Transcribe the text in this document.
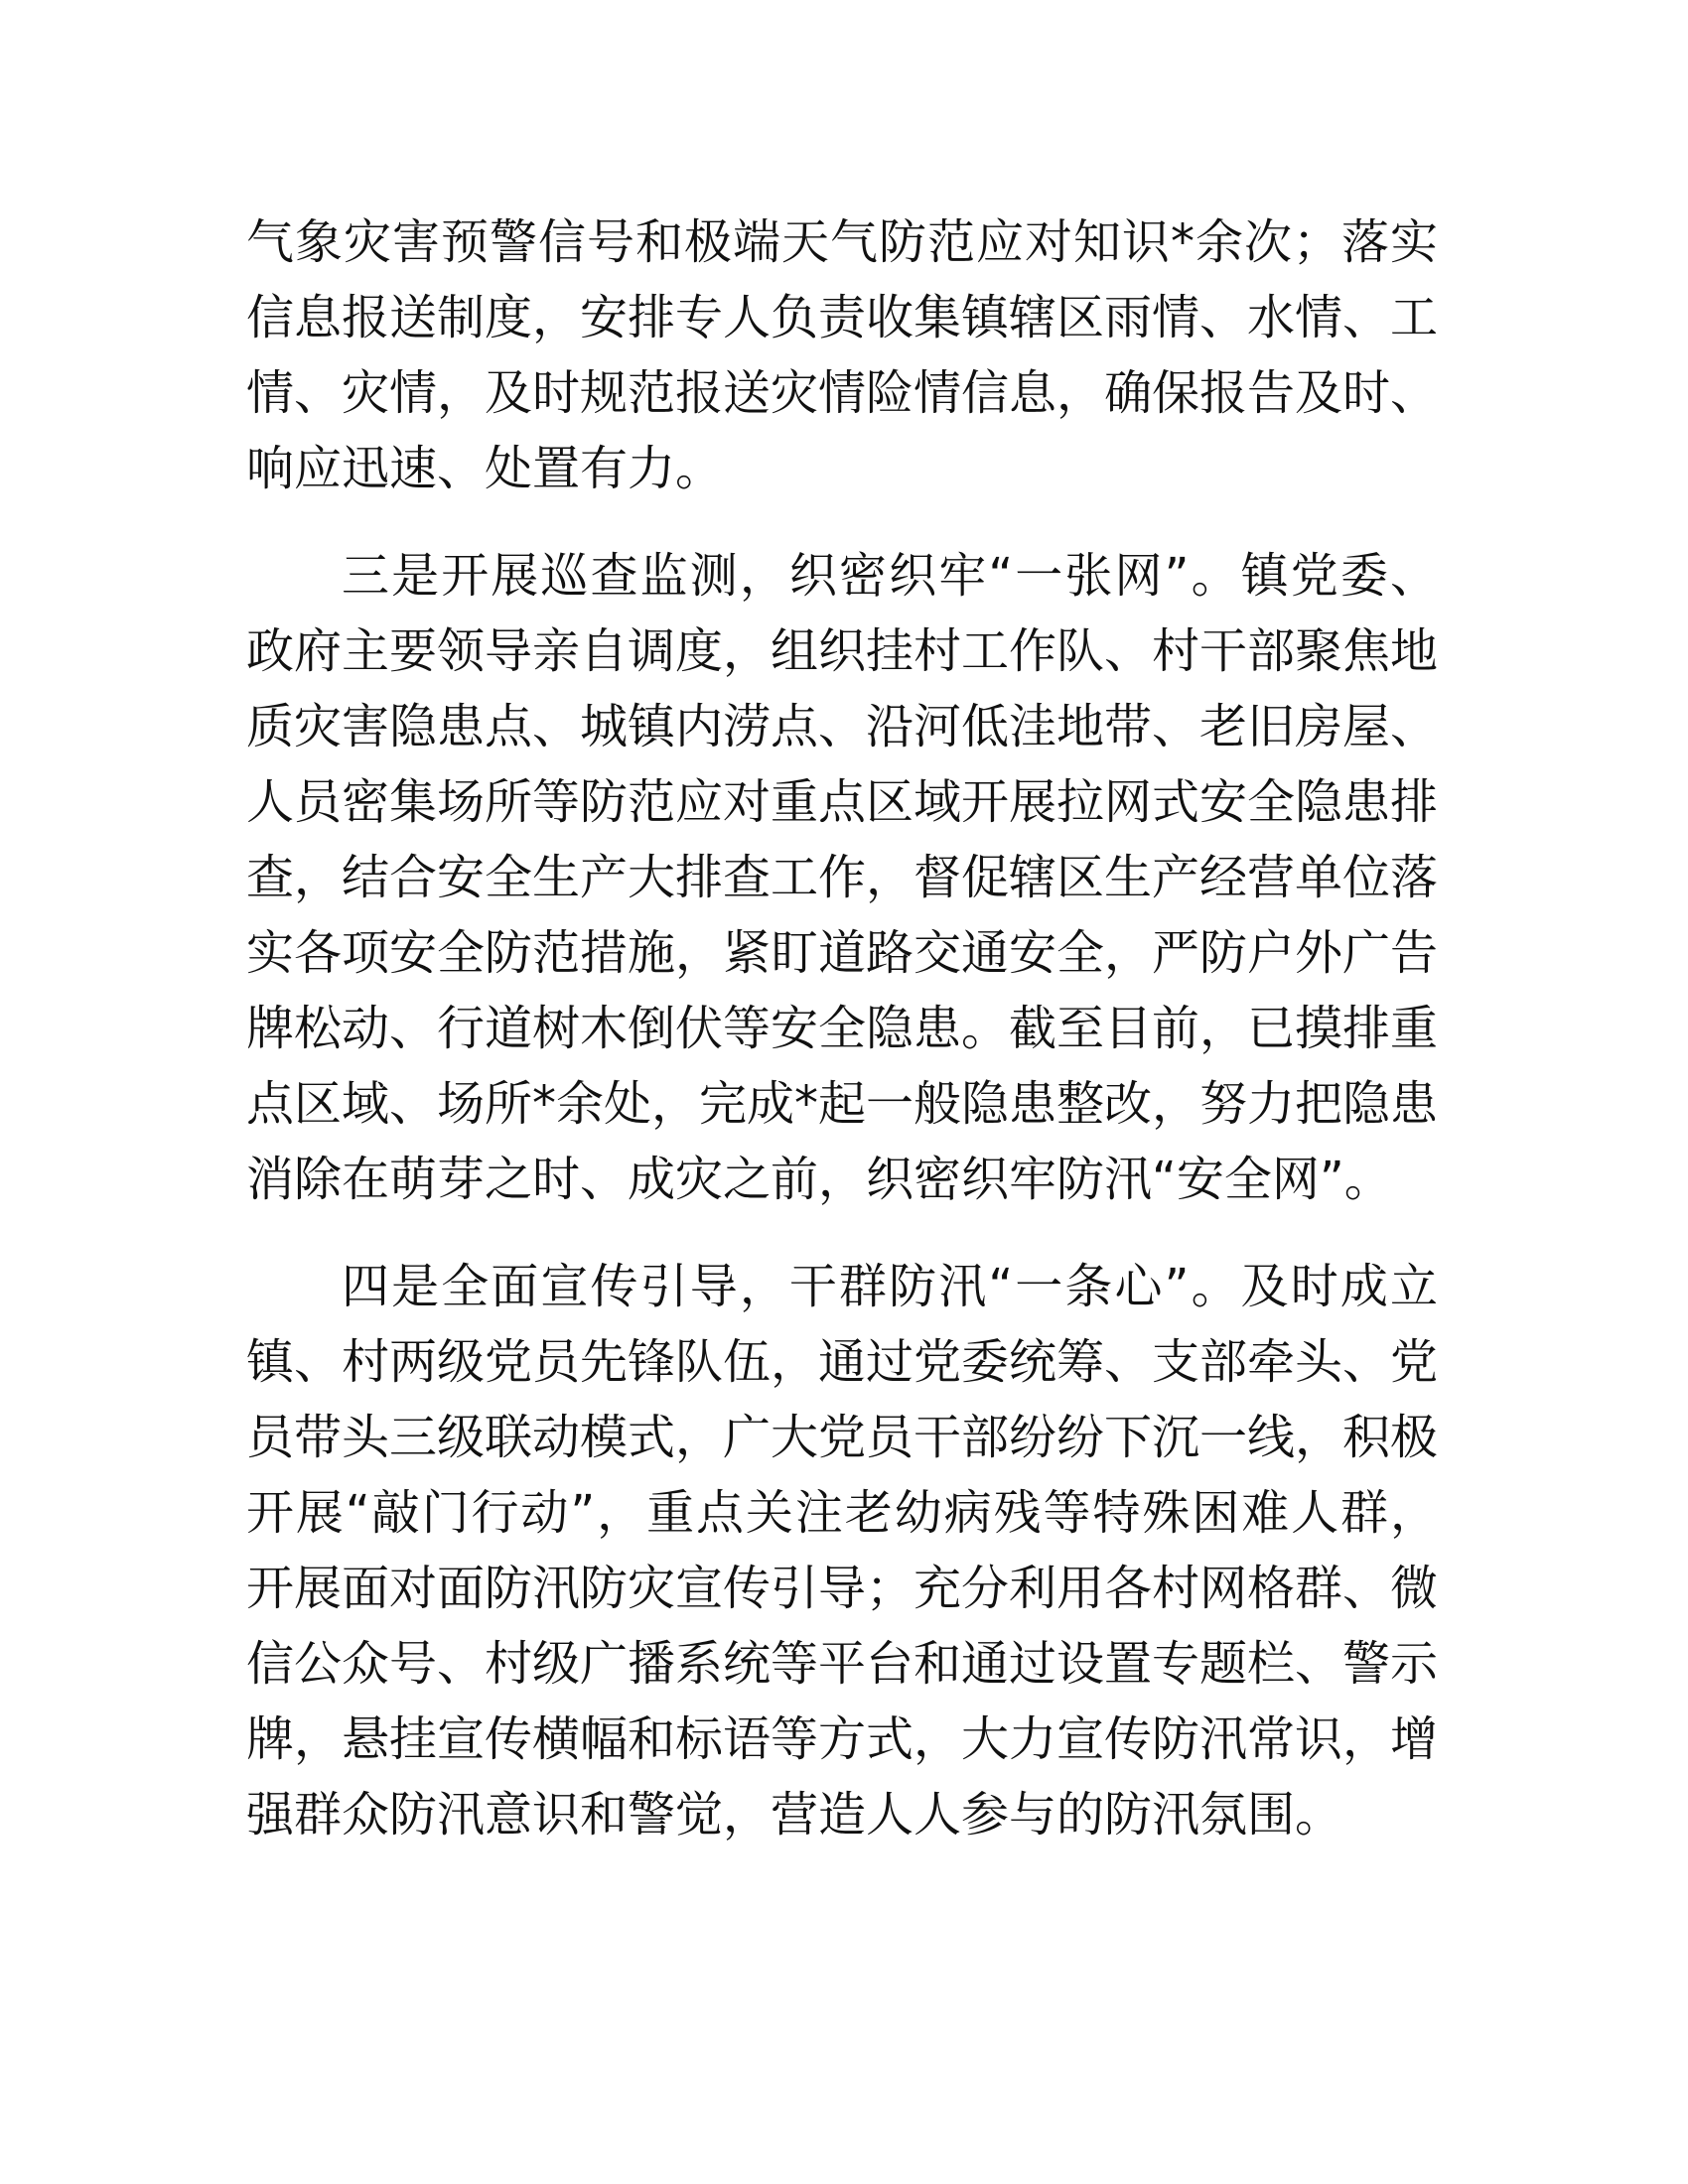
气象灾害预警信号和极端天气防范应对知识*余次；落实信息报送制度，安排专人负责收集镇辖区雨情、水情、工情、灾情，及时规范报送灾情险情信息，确保报告及时、响应迅速、处置有力。

三是开展巡查监测，织密织牢“一张网”。镇党委、政府主要领导亲自调度，组织挂村工作队、村干部聚焦地质灾害隐患点、城镇内涝点、沿河低洼地带、老旧房屋、人员密集场所等防范应对重点区域开展拉网式安全隐患排查，结合安全生产大排查工作，督促辖区生产经营单位落实各项安全防范措施，紧盯道路交通安全，严防户外广告牌松动、行道树木倒伏等安全隐患。截至目前，已摸排重点区域、场所*余处，完成*起一般隐患整改，努力把隐患消除在萌芽之时、成灾之前，织密织牢防汛“安全网”。

四是全面宣传引导，干群防汛“一条心”。及时成立镇、村两级党员先锋队伍，通过党委统筹、支部牵头、党员带头三级联动模式，广大党员干部纷纷下沉一线，积极开展“敲门行动”，重点关注老幼病残等特殊困难人群，开展面对面防汛防灾宣传引导；充分利用各村网格群、微信公众号、村级广播系统等平台和通过设置专题栏、警示牌，悬挂宣传横幅和标语等方式，大力宣传防汛常识，增强群众防汛意识和警觉，营造人人参与的防汛氛围。
